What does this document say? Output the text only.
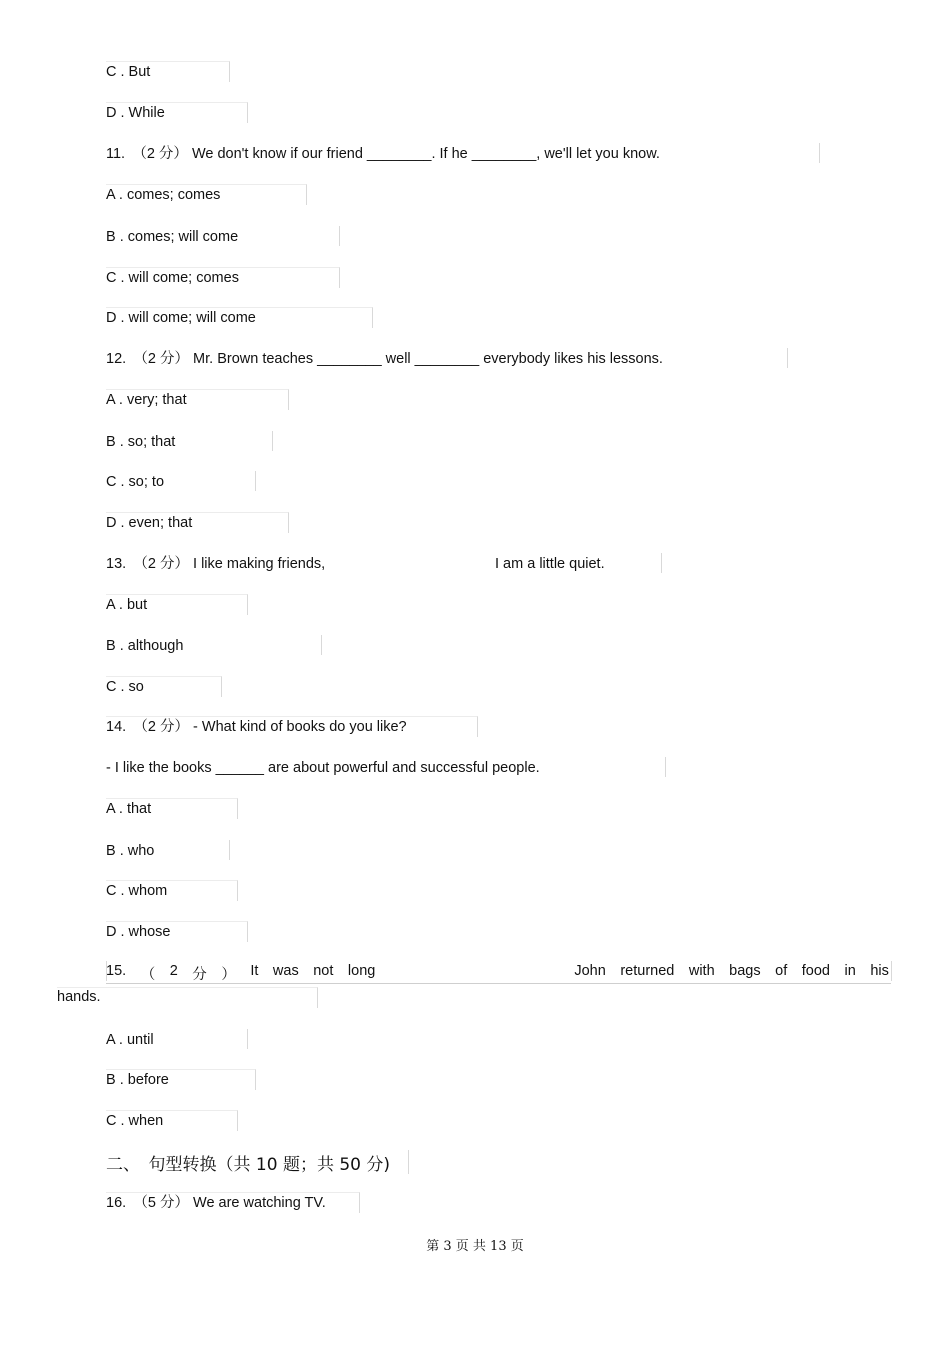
C . But
D . While
11.　（2 分） We don't know if our friend ________. If he ________, we'll let you know.
A . comes; comes
B . comes; will come
C . will come; comes
D . will come; will come
12.　（2 分） Mr. Brown teaches ________ well ________ everybody likes his lessons.
A . very; that
B . so; that
C . so; to
D . even; that
13.　（2 分） I like making friends,	I am a little quiet.
A . but
B . although
C . so
14.　（2 分） - What kind of books do you like?
- I like the books ______ are about powerful and successful people.
A . that
B . who
C . whom
D . whose
15. （ 2 分 ） It was not long	John returned with bags of food in his
hands.
A . until
B . before
C . when
二、　句型转换（共 10 题；共 50 分)
16.　（5 分） We are watching TV.
第 3 页 共 13 页
